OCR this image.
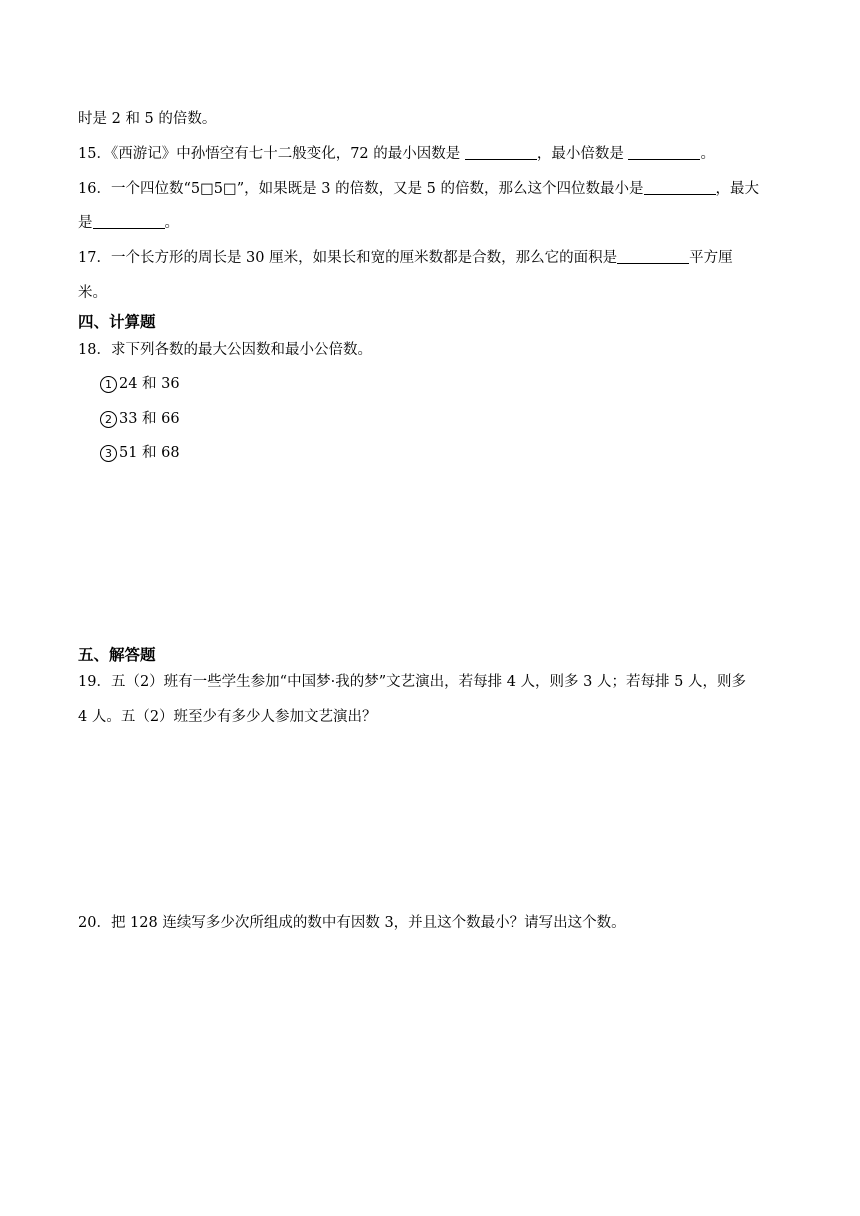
时是 2 和 5 的倍数。
15．《西游记》中孙悟空有七十二般变化，72 的最小因数是	，最小倍数是	。
16．一个四位数“5□5□”，如果既是 3 的倍数，又是 5 的倍数，那么这个四位数最小是	，最大
是	。
17．一个长方形的周长是 30 厘米，如果长和宽的厘米数都是合数，那么它的面积是	平方厘
米。
四、计算题
18．求下列各数的最大公因数和最小公倍数。
1 24 和 36
2 33 和 66
3 51 和 68
五、解答题
19．五（2）班有一些学生参加“中国梦·我的梦”文艺演出，若每排 4 人，则多 3 人；若每排 5 人，则多
4 人。五（2）班至少有多少人参加文艺演出？
20．把 128 连续写多少次所组成的数中有因数 3，并且这个数最小？请写出这个数。
